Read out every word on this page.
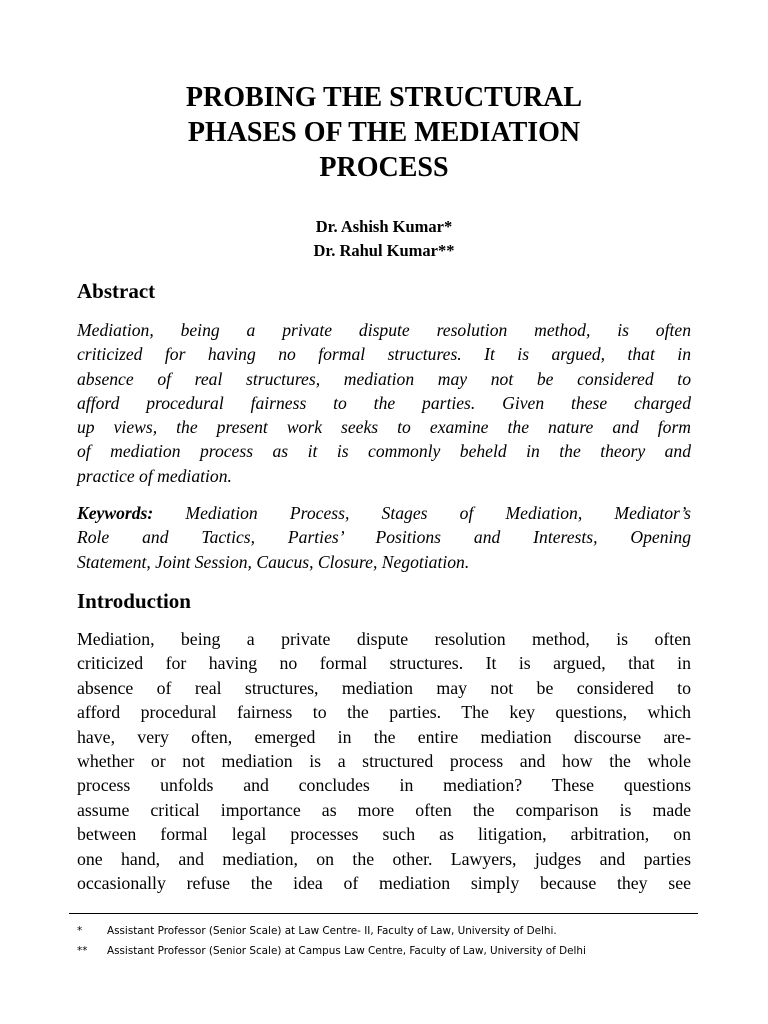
PROBING THE STRUCTURAL
PHASES OF THE MEDIATION
PROCESS
Dr. Ashish Kumar*
Dr. Rahul Kumar**
Abstract
Mediation, being a private dispute resolution method, is often
criticized for having no formal structures. It is argued, that in
absence of real structures, mediation may not be considered to
afford procedural fairness to the parties. Given these charged
up views, the present work seeks to examine the nature and form
of mediation process as it is commonly beheld in the theory and
practice of mediation.
Keywords: Mediation Process, Stages of Mediation, Mediator’s
Role and Tactics, Parties’ Positions and Interests, Opening
Statement, Joint Session, Caucus, Closure, Negotiation.
Introduction
Mediation, being a private dispute resolution method, is often
criticized for having no formal structures. It is argued, that in
absence of real structures, mediation may not be considered to
afford procedural fairness to the parties. The key questions, which
have, very often, emerged in the entire mediation discourse are-
whether or not mediation is a structured process and how the whole
process unfolds and concludes in mediation? These questions
assume critical importance as more often the comparison is made
between formal legal processes such as litigation, arbitration, on
one hand, and mediation, on the other. Lawyers, judges and parties
occasionally refuse the idea of mediation simply because they see
* Assistant Professor (Senior Scale) at Law Centre- II, Faculty of Law, University of Delhi.
** Assistant Professor (Senior Scale) at Campus Law Centre, Faculty of Law, University of Delhi
